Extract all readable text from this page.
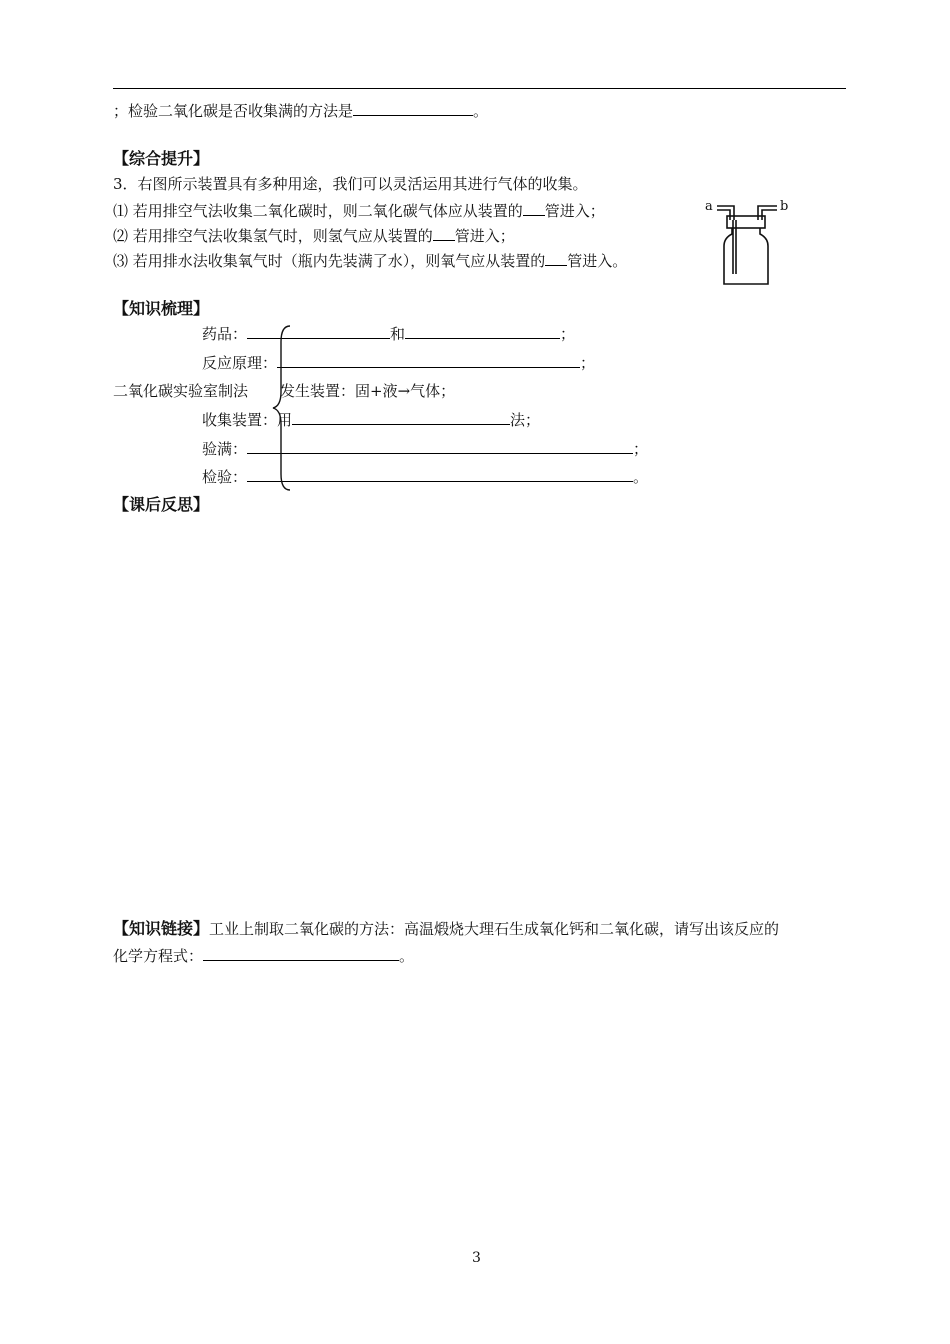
；检验二氧化碳是否收集满的方法是	。
【综合提升】
3．右图所示装置具有多种用途，我们可以灵活运用其进行气体的收集。
⑴ 若用排空气法收集二氧化碳时，则二氧化碳气体应从装置的 管进入；
⑵ 若用排空气法收集氢气时，则氢气应从装置的 管进入；
⑶ 若用排水法收集氧气时（瓶内先装满了水），则氧气应从装置的 管进入。
a	b
【知识梳理】
药品：	和	；
反应原理：	；
二氧化碳实验室制法 发生装置：固+液→气体；
收集装置：用	法；
验满：	；
检验：	。
【课后反思】
【知识链接】工业上制取二氧化碳的方法：高温煅烧大理石生成氧化钙和二氧化碳，请写出该反应的
化学方程式：	。
3
